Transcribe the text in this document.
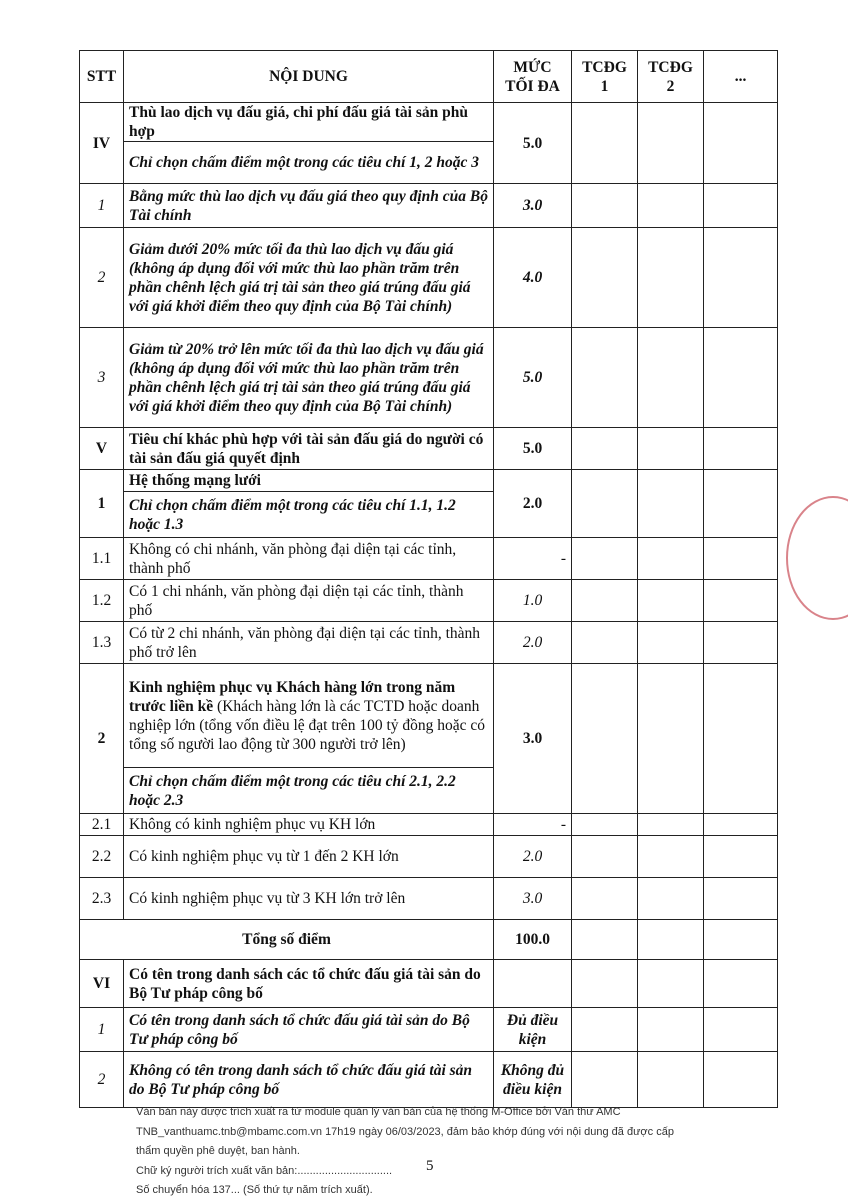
STT	NỘI DUNG	MỨC TỐI ĐA	TCĐG 1	TCĐG 2	...
IV	Thù lao dịch vụ đấu giá, chi phí đấu giá tài sản phù hợp	5.0			
	Chỉ chọn chấm điểm một trong các tiêu chí 1, 2 hoặc 3				
1	Bằng mức thù lao dịch vụ đấu giá theo quy định của Bộ Tài chính	3.0			
2	Giảm dưới 20% mức tối đa thù lao dịch vụ đấu giá (không áp dụng đối với mức thù lao phần trăm trên phần chênh lệch giá trị tài sản theo giá trúng đấu giá với giá khởi điểm theo quy định của Bộ Tài chính)	4.0			
3	Giảm từ 20% trở lên mức tối đa thù lao dịch vụ đấu giá (không áp dụng đối với mức thù lao phần trăm trên phần chênh lệch giá trị tài sản theo giá trúng đấu giá với giá khởi điểm theo quy định của Bộ Tài chính)	5.0			
V	Tiêu chí khác phù hợp với tài sản đấu giá do người có tài sản đấu giá quyết định	5.0			
1	Hệ thống mạng lưới	2.0			
	Chỉ chọn chấm điểm một trong các tiêu chí 1.1, 1.2 hoặc 1.3				
1.1	Không có chi nhánh, văn phòng đại diện tại các tỉnh, thành phố	-			
1.2	Có 1 chi nhánh, văn phòng đại diện tại các tỉnh, thành phố	1.0			
1.3	Có từ 2 chi nhánh, văn phòng đại diện tại các tỉnh, thành phố trở lên	2.0			
2	Kinh nghiệm phục vụ Khách hàng lớn trong năm trước liền kề (Khách hàng lớn là các TCTD hoặc doanh nghiệp lớn (tổng vốn điều lệ đạt trên 100 tỷ đồng hoặc có tổng số người lao động từ 300 người trở lên)	3.0			
	Chỉ chọn chấm điểm một trong các tiêu chí 2.1, 2.2 hoặc 2.3				
2.1	Không có kinh nghiệm phục vụ KH lớn	-			
2.2	Có kinh nghiệm phục vụ từ 1 đến 2 KH lớn	2.0			
2.3	Có kinh nghiệm phục vụ từ 3 KH lớn trở lên	3.0			
Tổng số điểm		100.0			
VI	Có tên trong danh sách các tổ chức đấu giá tài sản do Bộ Tư pháp công bố				
1	Có tên trong danh sách tổ chức đấu giá tài sản do Bộ Tư pháp công bố	Đủ điều kiện			
2	Không có tên trong danh sách tổ chức đấu giá tài sản do Bộ Tư pháp công bố	Không đủ điều kiện			
Văn bản này được trích xuất ra từ module quản lý văn bản của hệ thống M-Office bởi Văn thư AMC
TNB_vanthuamc.tnb@mbamc.com.vn 17h19 ngày 06/03/2023, đảm bảo khớp đúng với nội dung đã được cấp
thẩm quyền phê duyệt, ban hành.
Chữ ký người trích xuất văn bản:...............................
Số chuyển hóa 137... (Số thứ tự năm trích xuất).
5
